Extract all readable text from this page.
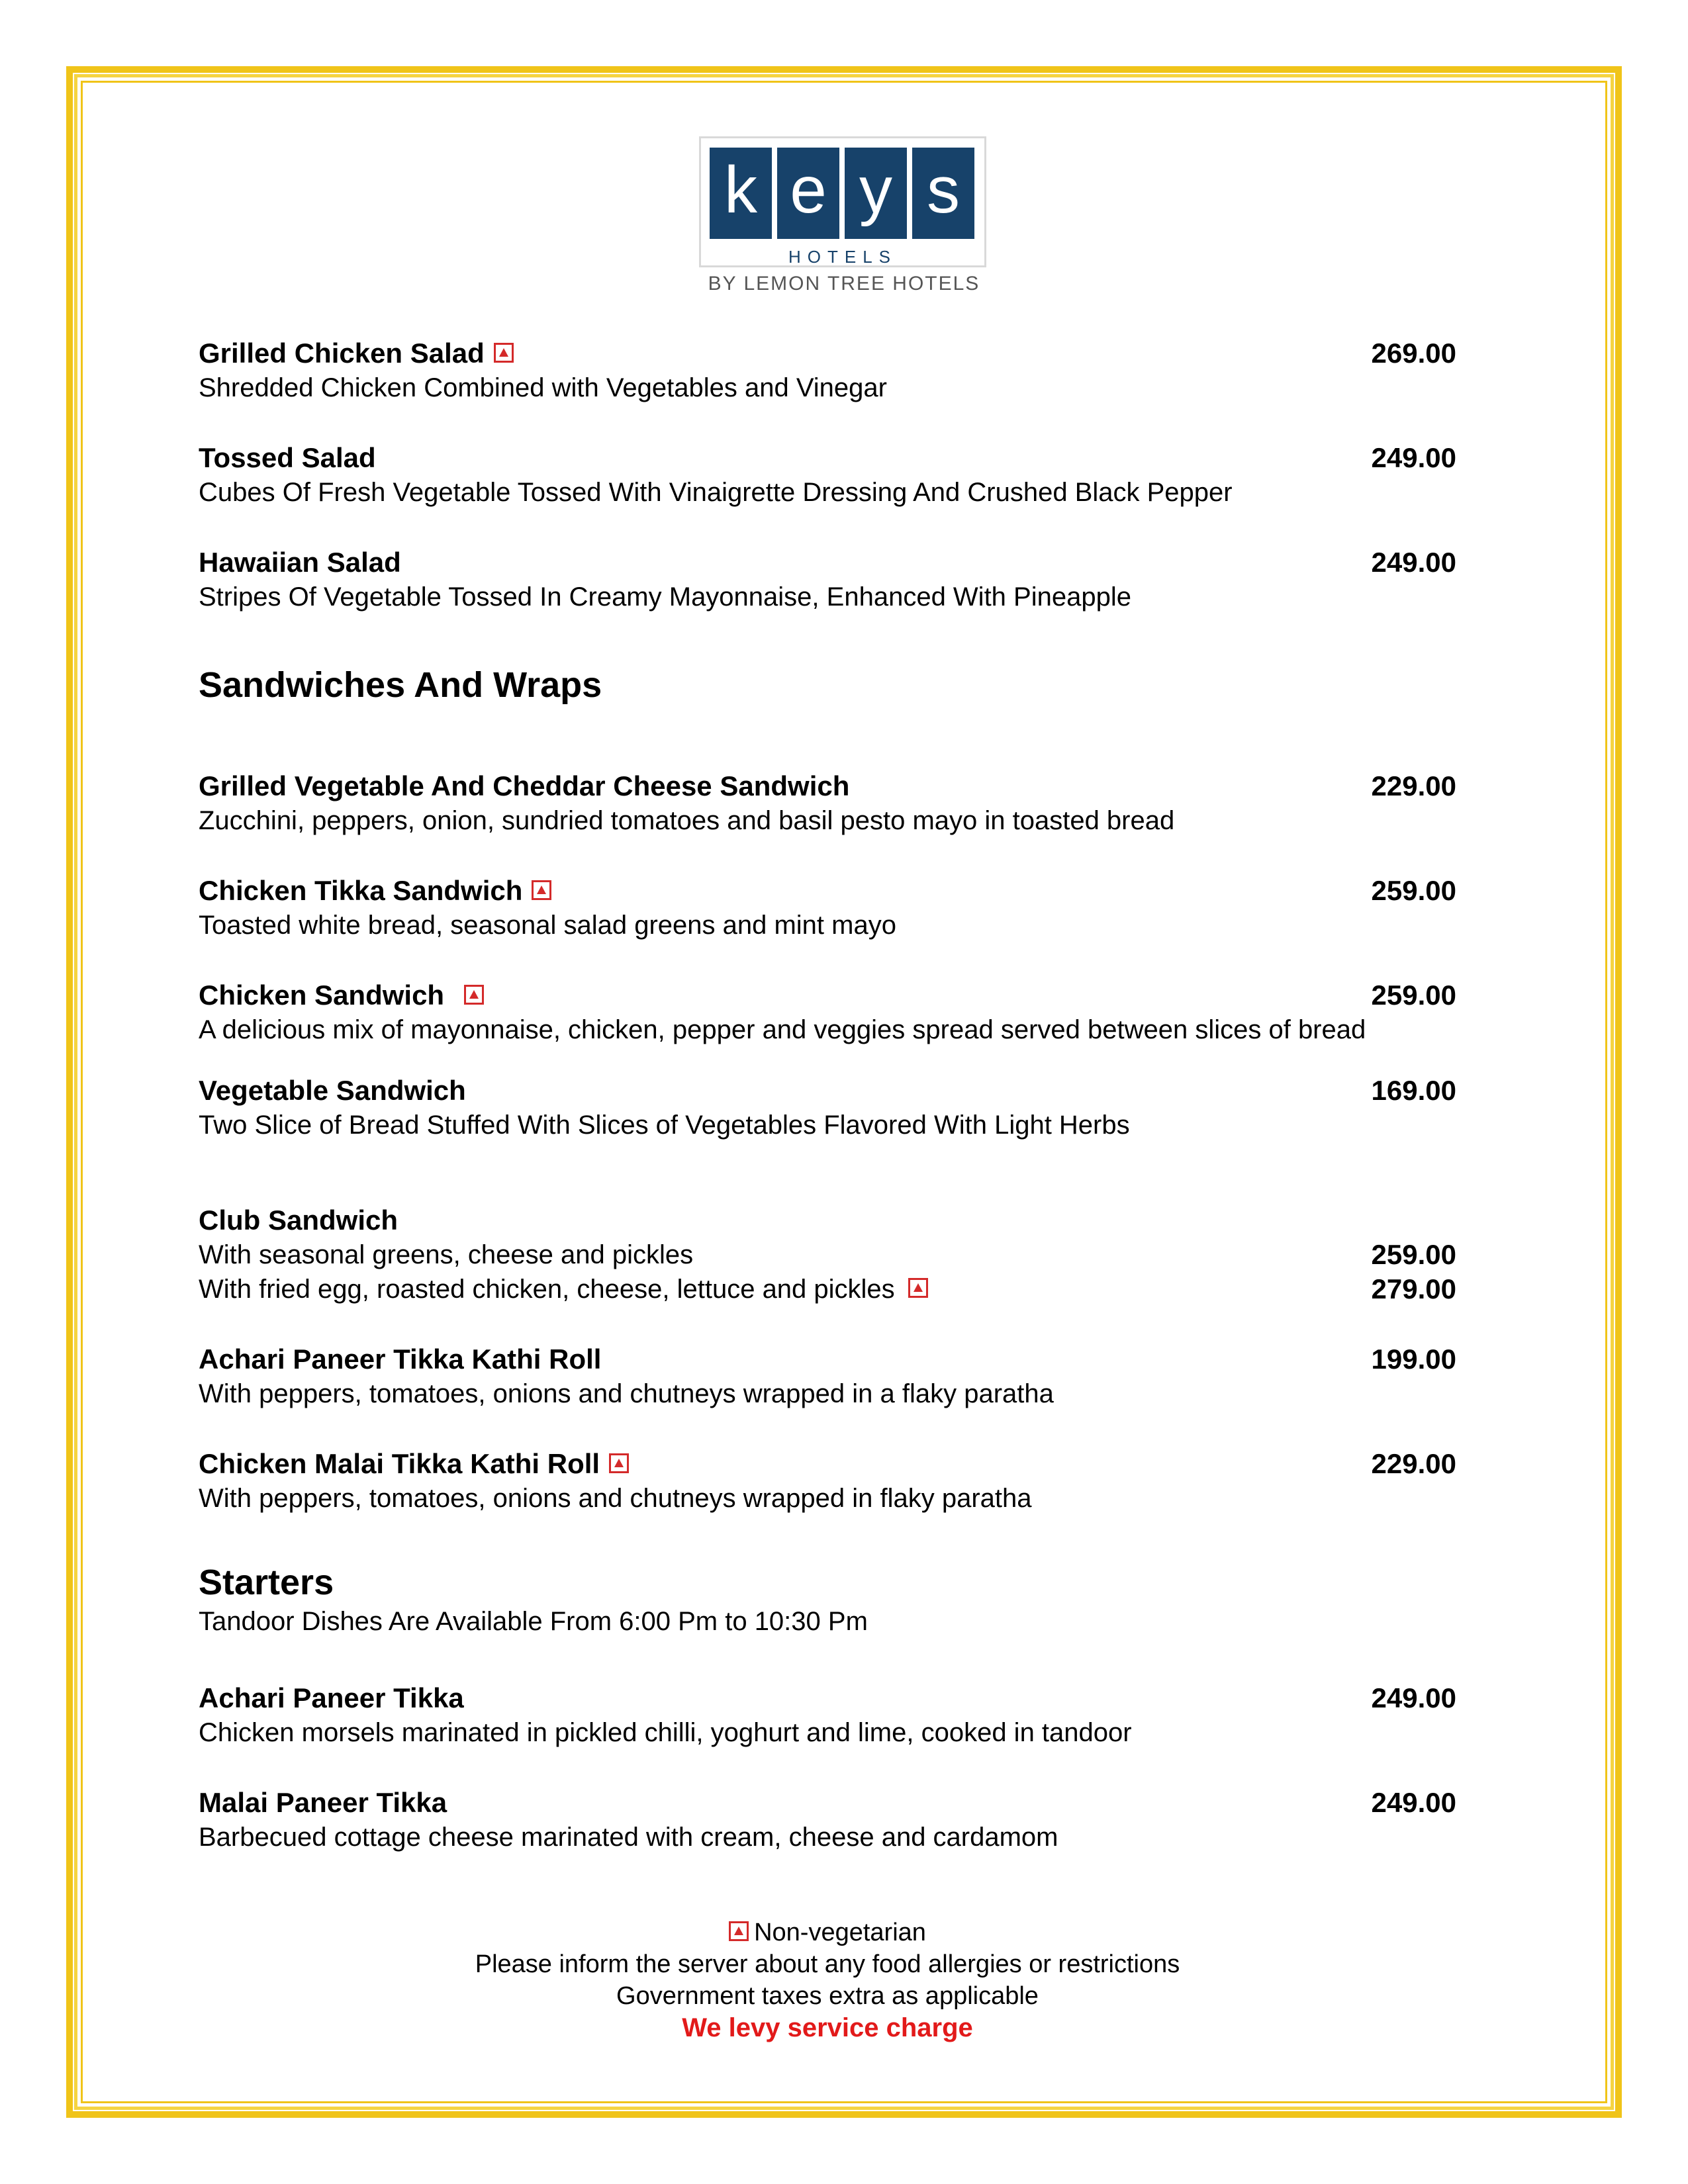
k e y s
HOTELS
BY LEMON TREE HOTELS
Grilled Chicken Salad	269.00
Shredded Chicken Combined with Vegetables and Vinegar
Tossed Salad	249.00
Cubes Of Fresh Vegetable Tossed With Vinaigrette Dressing And Crushed Black Pepper
Hawaiian Salad	249.00
Stripes Of Vegetable Tossed In Creamy Mayonnaise, Enhanced With Pineapple
Sandwiches And Wraps
Grilled Vegetable And Cheddar Cheese Sandwich	229.00
Zucchini, peppers, onion, sundried tomatoes and basil pesto mayo in toasted bread
Chicken Tikka Sandwich	259.00
Toasted white bread, seasonal salad greens and mint mayo
Chicken Sandwich	259.00
A delicious mix of mayonnaise, chicken, pepper and veggies spread served between slices of bread
Vegetable Sandwich	169.00
Two Slice of Bread Stuffed With Slices of Vegetables Flavored With Light Herbs
Club Sandwich
With seasonal greens, cheese and pickles	259.00
With fried egg, roasted chicken, cheese, lettuce and pickles	279.00
Achari Paneer Tikka Kathi Roll	199.00
With peppers, tomatoes, onions and chutneys wrapped in a flaky paratha
Chicken Malai Tikka Kathi Roll	229.00
With peppers, tomatoes, onions and chutneys wrapped in flaky paratha
Starters
Tandoor Dishes Are Available From 6:00 Pm to 10:30 Pm
Achari Paneer Tikka	249.00
Chicken morsels marinated in pickled chilli, yoghurt and lime, cooked in tandoor
Malai Paneer Tikka	249.00
Barbecued cottage cheese marinated with cream, cheese and cardamom
Non-vegetarian
Please inform the server about any food allergies or restrictions
Government taxes extra as applicable
We levy service charge
